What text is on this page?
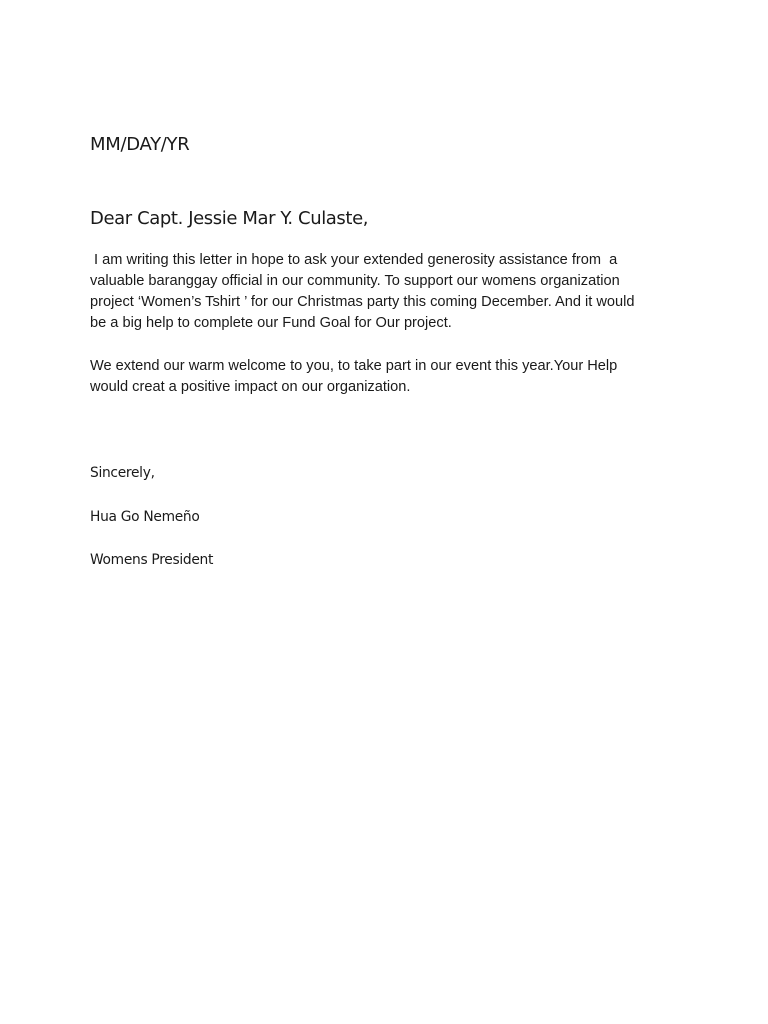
MM/DAY/YR
Dear Capt. Jessie Mar Y. Culaste,

I am writing this letter in hope to ask your extended generosity assistance from  a
valuable baranggay official in our community. To support our womens organization
project ‘Women’s Tshirt ’ for our Christmas party this coming December. And it would
be a big help to complete our Fund Goal for Our project.

We extend our warm welcome to you, to take part in our event this year.Your Help
would creat a positive impact on our organization.

Sincerely,

Hua Go Nemeño

Womens President
